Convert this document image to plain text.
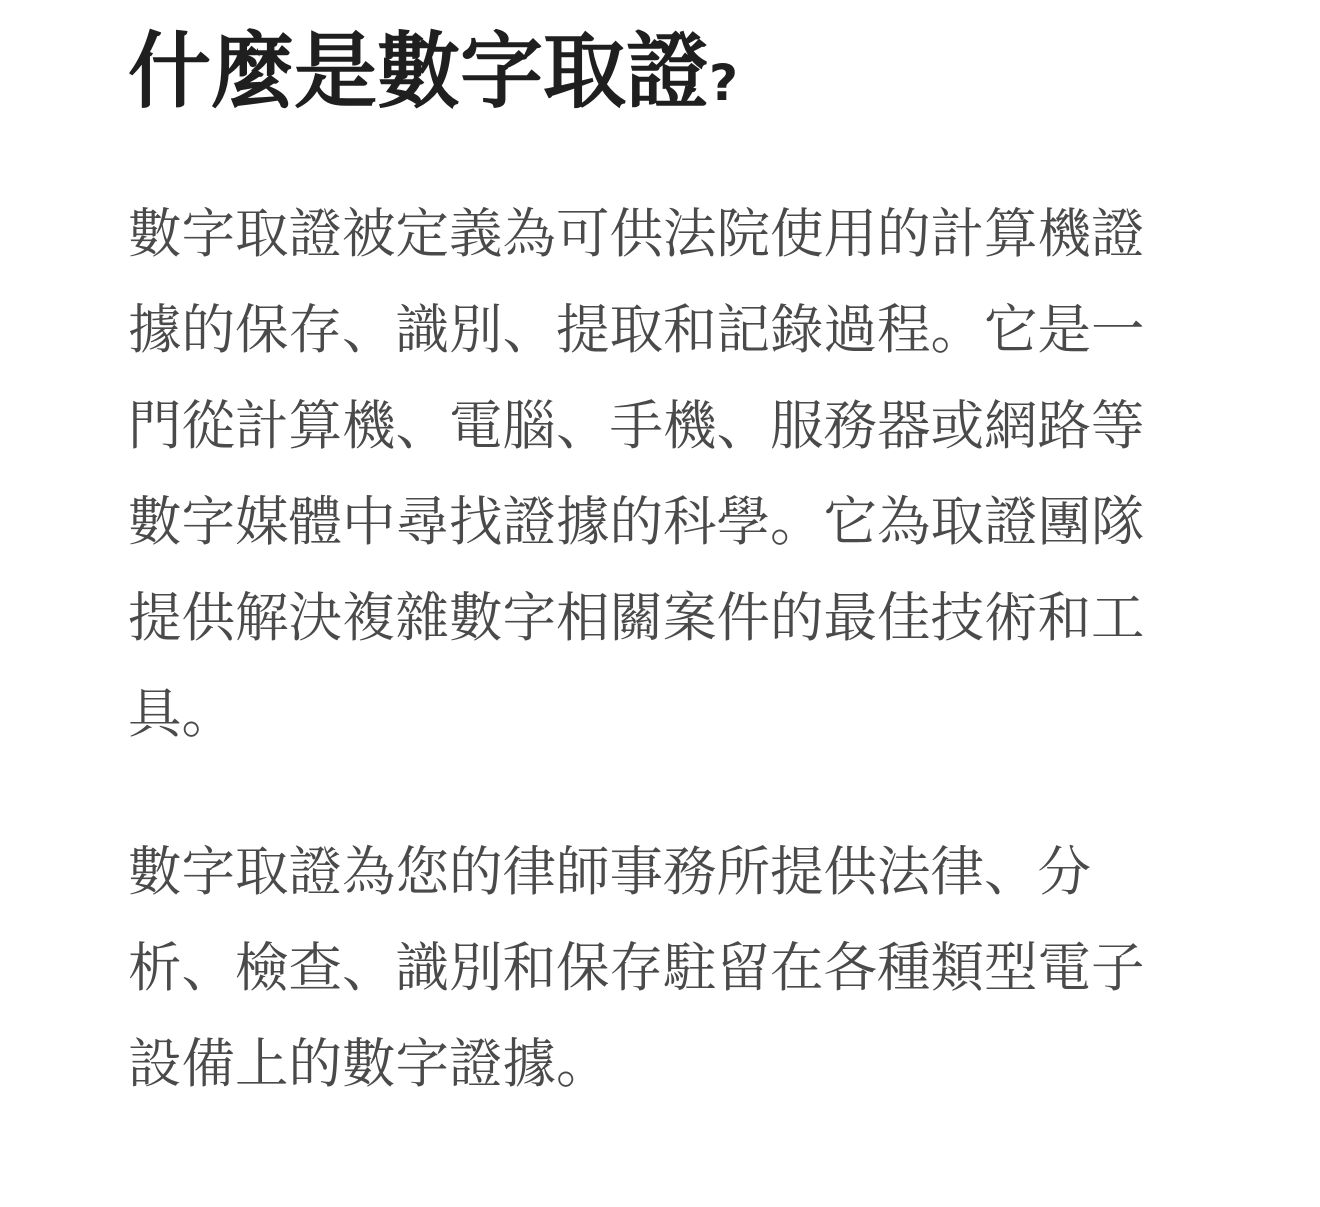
什麼是數字取證?

數字取證被定義為可供法院使用的計算機證據的保存、識別、提取和記錄過程。它是一門從計算機、電腦、手機、服務器或網路等數字媒體中尋找證據的科學。它為取證團隊提供解決複雜數字相關案件的最佳技術和工具。

數字取證為您的律師事務所提供法律、分析、檢查、識別和保存駐留在各種類型電子設備上的數字證據。
